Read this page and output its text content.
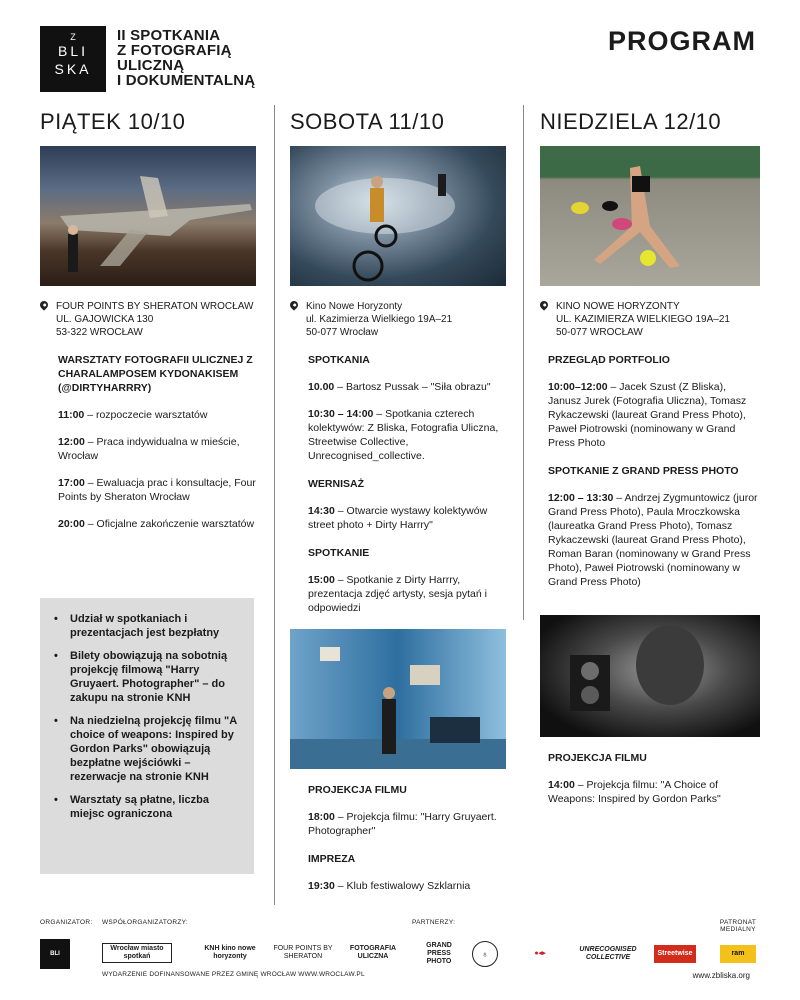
Z
BLI
SKA
II SPOTKANIA
Z FOTOGRAFIĄ
ULICZNĄ
I DOKUMENTALNĄ
PROGRAM
PIĄTEK 10/10
FOUR POINTS BY SHERATON WROCŁAW
UL. GAJOWICKA 130
53-322 WROCŁAW
WARSZTATY FOTOGRAFII ULICZNEJ Z CHARALAMPOSEM KYDONAKISEM (@DIRTYHARRRY)
11:00 – rozpoczecie warsztatów
12:00 – Praca indywidualna w mieście, Wrocław
17:00 – Ewaluacja prac i konsultacje, Four Points by Sheraton Wrocław
20:00 – Oficjalne zakończenie warsztatów
• Udział w spotkaniach i prezentacjach jest bezpłatny
• Bilety obowiązują na sobotnią projekcję filmową "Harry Gruyaert. Photographer" – do zakupu na stronie KNH
• Na niedzielną projekcję filmu "A choice of weapons: Inspired by Gordon Parks" obowiązują bezpłatne wejściówki – rezerwacje na stronie KNH
• Warsztaty są płatne, liczba miejsc ograniczona
SOBOTA 11/10
Kino Nowe Horyzonty
ul. Kazimierza Wielkiego 19A–21
50-077 Wrocław
SPOTKANIA
10.00 – Bartosz Pussak – "Siła obrazu"
10:30 – 14:00 – Spotkania czterech kolektywów: Z Bliska, Fotografia Uliczna, Streetwise Collective, Unrecognised_collective.
WERNISAŻ
14:30 – Otwarcie wystawy kolektywów street photo + Dirty Harrry"
SPOTKANIE
15:00 – Spotkanie z Dirty Harrry, prezentacja zdjęć artysty, sesja pytań i odpowiedzi
PROJEKCJA FILMU
18:00 – Projekcja filmu: "Harry Gruyaert. Photographer"
IMPREZA
19:30 – Klub festiwalowy Szklarnia
NIEDZIELA 12/10
KINO NOWE HORYZONTY
UL. KAZIMIERZA WIELKIEGO 19A–21
50-077 WROCŁAW
PRZEGLĄD PORTFOLIO
10:00–12:00 – Jacek Szust (Z Bliska), Janusz Jurek (Fotografia Uliczna), Tomasz Rykaczewski (laureat Grand Press Photo), Paweł Piotrowski (nominowany w Grand Press Photo
SPOTKANIE Z GRAND PRESS PHOTO
12:00 – 13:30 – Andrzej Zygmuntowicz (juror Grand Press Photo), Paula Mroczkowska (laureatka Grand Press Photo), Tomasz Rykaczewski (laureat Grand Press Photo), Roman Baran (nominowany w Grand Press Photo), Paweł Piotrowski (nominowany w Grand Press Photo)
PROJEKCJA FILMU
14:00 – Projekcja filmu: "A Choice of Weapons: Inspired by Gordon Parks"
ORGANIZATOR: WSPÓŁORGANIZATORZY:	PARTNERZY:	PATRONAT MEDIALNY
BLI
Wrocław miasto spotkań
KNH kino nowe horyzonty
FOUR POINTS BY SHERATON
FOTOGRAFIA ULICZNA
GRAND PRESS PHOTO
♁	●◂▸
UNRECOGNISED COLLECTIVE
Streetwise	ram
WYDARZENIE DOFINANSOWANE PRZEZ GMINĘ WROCŁAW WWW.WROCLAW.PL	www.zbliska.org
